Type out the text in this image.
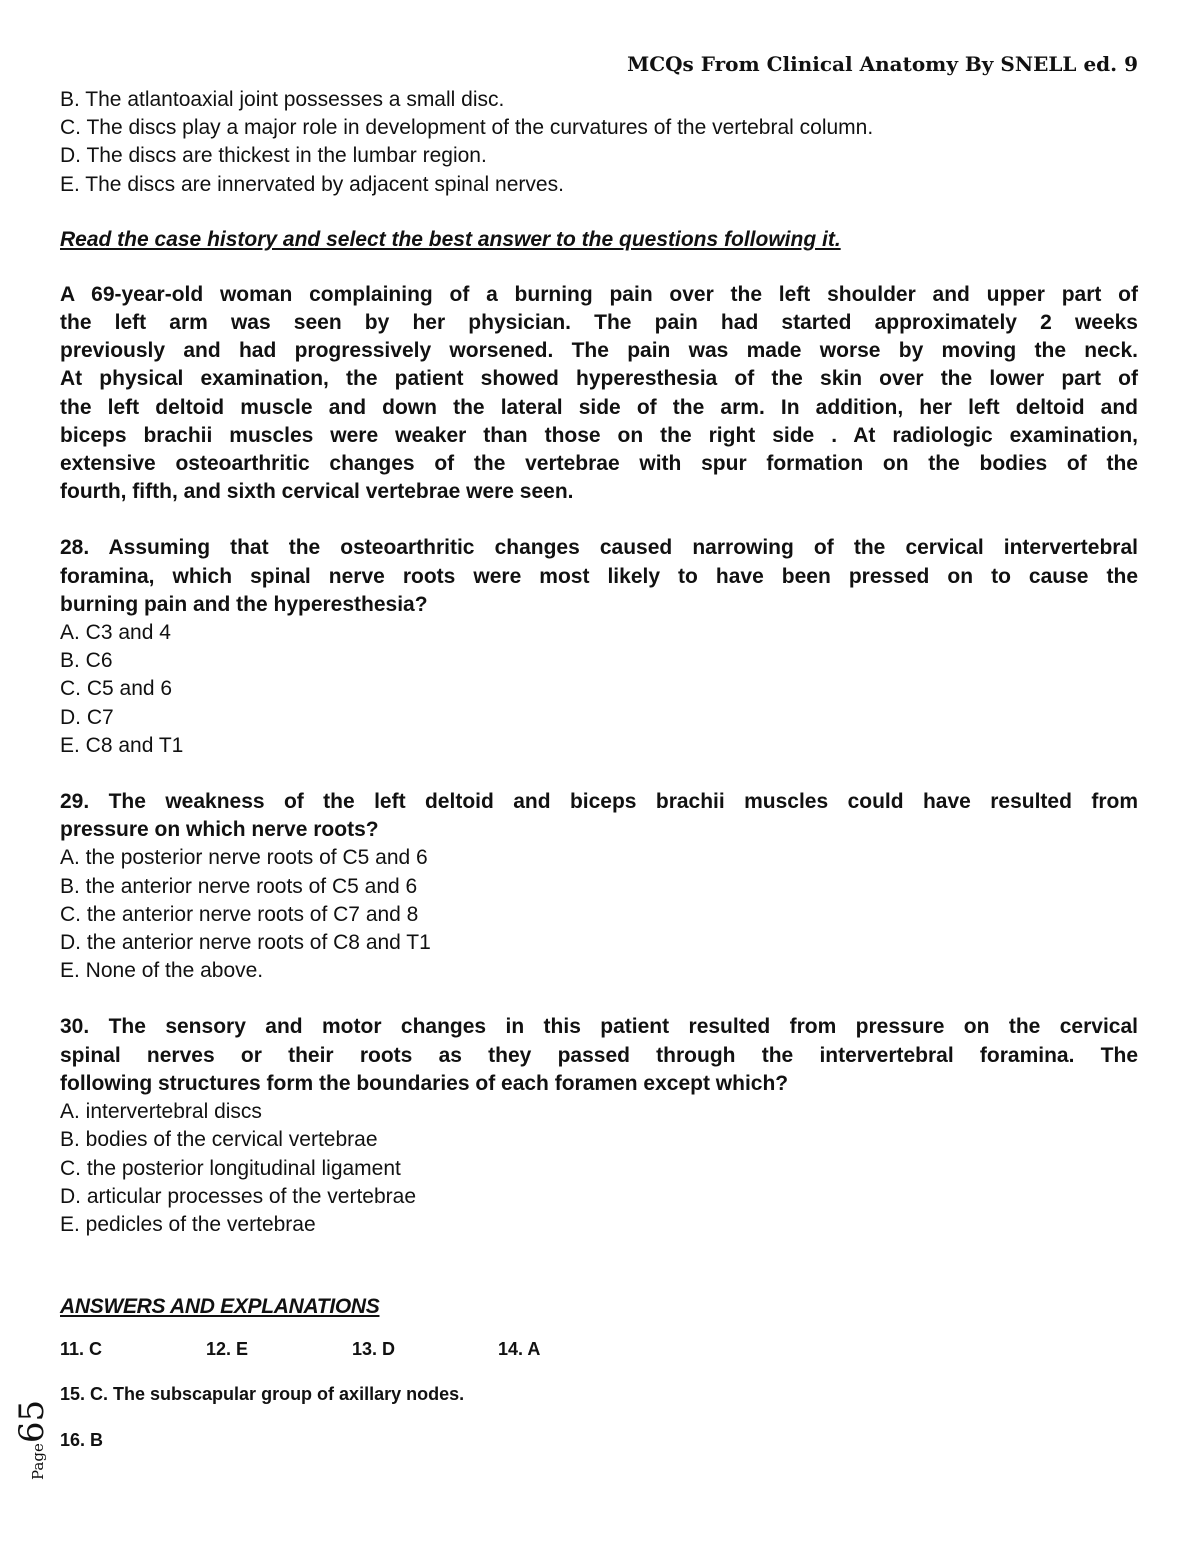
MCQs From Clinical Anatomy By SNELL ed. 9

B. The atlantoaxial joint possesses a small disc.

C. The discs play a major role in development of the curvatures of the vertebral column.

D. The discs are thickest in the lumbar region.

E. The discs are innervated by adjacent spinal nerves.

Read the case history and select the best answer to the questions following it.

A 69-year-old woman complaining of a burning pain over the left shoulder and upper part of

the left arm was seen by her physician. The pain had started approximately 2 weeks

previously and had progressively worsened. The pain was made worse by moving the neck.

At physical examination, the patient showed hyperesthesia of the skin over the lower part of

the left deltoid muscle and down the lateral side of the arm. In addition, her left deltoid and

biceps brachii muscles were weaker than those on the right side . At radiologic examination,

extensive osteoarthritic changes of the vertebrae with spur formation on the bodies of the

fourth, fifth, and sixth cervical vertebrae were seen.

28. Assuming that the osteoarthritic changes caused narrowing of the cervical intervertebral

foramina, which spinal nerve roots were most likely to have been pressed on to cause the

burning pain and the hyperesthesia?

A. C3 and 4

B. C6

C. C5 and 6

D. C7

E. C8 and T1

29. The weakness of the left deltoid and biceps brachii muscles could have resulted from

pressure on which nerve roots?

A. the posterior nerve roots of C5 and 6

B. the anterior nerve roots of C5 and 6

C. the anterior nerve roots of C7 and 8

D. the anterior nerve roots of C8 and T1

E. None of the above.

30. The sensory and motor changes in this patient resulted from pressure on the cervical

spinal nerves or their roots as they passed through the intervertebral foramina. The

following structures form the boundaries of each foramen except which?

A. intervertebral discs

B. bodies of the cervical vertebrae

C. the posterior longitudinal ligament

D. articular processes of the vertebrae

E. pedicles of the vertebrae

ANSWERS AND EXPLANATIONS

11. C	12. E	13. D	14. A

15. C. The subscapular group of axillary nodes.

16. B

Page65
